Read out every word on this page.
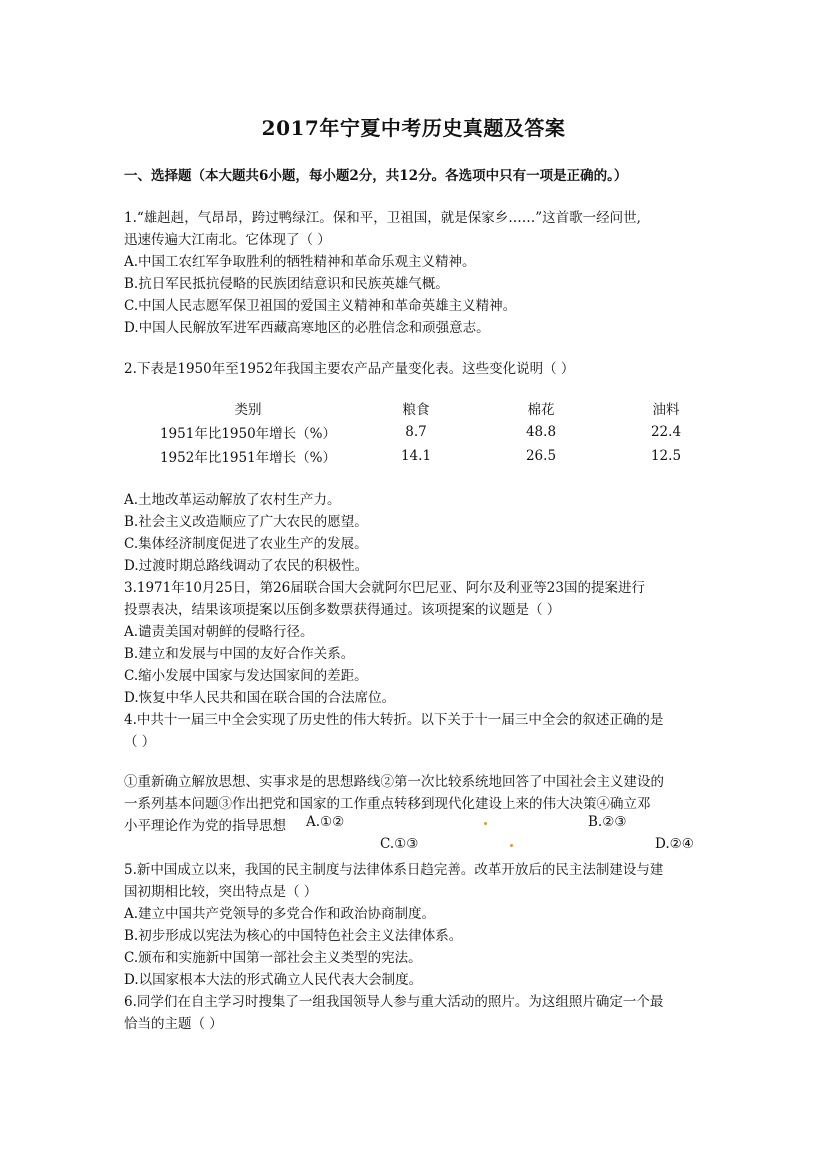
2017年宁夏中考历史真题及答案
一、选择题（本大题共6小题，每小题2分，共12分。各选项中只有一项是正确的。）
1.“雄赳赳，气昂昂，跨过鸭绿江。保和平，卫祖国，就是保家乡……”这首歌一经问世,
迅速传遍大江南北。它体现了（ ）
A.中国工农红军争取胜利的牺牲精神和革命乐观主义精神。
B.抗日军民抵抗侵略的民族团结意识和民族英雄气概。
C.中国人民志愿军保卫祖国的爱国主义精神和革命英雄主义精神。
D.中国人民解放军进军西藏高寒地区的必胜信念和顽强意志。
2.下表是1950年至1952年我国主要农产品产量变化表。这些变化说明（ ）
类别	粮食	棉花	油料
1951年比1950年增长（%）	8.7	48.8	22.4
1952年比1951年增长（%）	14.1	26.5	12.5
A.土地改革运动解放了农村生产力。
B.社会主义改造顺应了广大农民的愿望。
C.集体经济制度促进了农业生产的发展。
D.过渡时期总路线调动了农民的积极性。
3.1971年10月25日，第26届联合国大会就阿尔巴尼亚、阿尔及利亚等23国的提案进行
投票表决，结果该项提案以压倒多数票获得通过。该项提案的议题是（ ）
A.谴责美国对朝鲜的侵略行径。
B.建立和发展与中国的友好合作关系。
C.缩小发展中国家与发达国家间的差距。
D.恢复中华人民共和国在联合国的合法席位。
4.中共十一届三中全会实现了历史性的伟大转折。以下关于十一届三中全会的叙述正确的是
（ ）
①重新确立解放思想、实事求是的思想路线②第一次比较系统地回答了中国社会主义建设的
一系列基本问题③作出把党和国家的工作重点转移到现代化建设上来的伟大决策④确立邓
小平理论作为党的指导思想 A.①②	B.②③
C.①③	D.②④
5.新中国成立以来，我国的民主制度与法律体系日趋完善。改革开放后的民主法制建设与建
国初期相比较，突出特点是（ ）
A.建立中国共产党领导的多党合作和政治协商制度。
B.初步形成以宪法为核心的中国特色社会主义法律体系。
C.颁布和实施新中国第一部社会主义类型的宪法。
D.以国家根本大法的形式确立人民代表大会制度。
6.同学们在自主学习时搜集了一组我国领导人参与重大活动的照片。为这组照片确定一个最
恰当的主题（ ）
